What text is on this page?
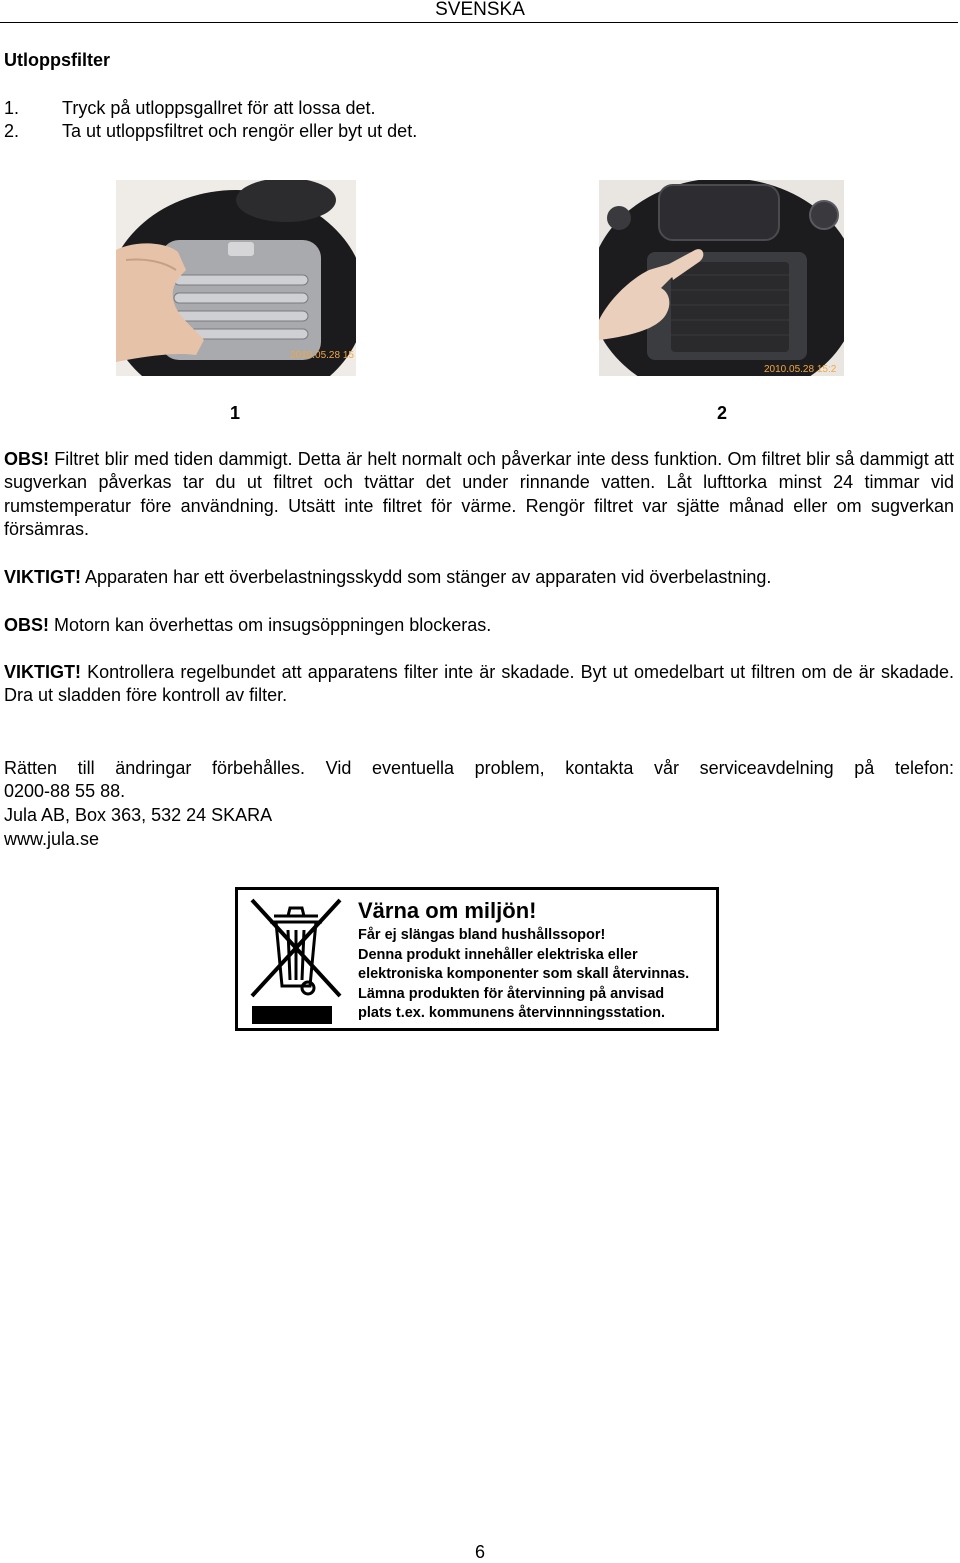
SVENSKA
Utloppsfilter
1. Tryck på utloppsgallret för att lossa det.
2. Ta ut utloppsfiltret och rengör eller byt ut det.
2010.05.28 15
2010.05.28 15:2
1	2
OBS! Filtret blir med tiden dammigt. Detta är helt normalt och påverkar inte dess funktion. Om filtret blir så dammigt att sugverkan påverkas tar du ut filtret och tvättar det under rinnande vatten. Låt lufttorka minst 24 timmar vid rumstemperatur före användning. Utsätt inte filtret för värme. Rengör filtret var sjätte månad eller om sugverkan försämras.
VIKTIGT! Apparaten har ett överbelastningsskydd som stänger av apparaten vid överbelastning.
OBS! Motorn kan överhettas om insugsöppningen blockeras.
VIKTIGT! Kontrollera regelbundet att apparatens filter inte är skadade. Byt ut omedelbart ut filtren om de är skadade. Dra ut sladden före kontroll av filter.
Rätten till ändringar förbehålles. Vid eventuella problem, kontakta vår serviceavdelning på telefon:
0200-88 55 88.
Jula AB, Box 363, 532 24 SKARA
www.jula.se
Värna om miljön!
Får ej slängas bland hushållssopor!
Denna produkt innehåller elektriska eller
elektroniska komponenter som skall återvinnas.
Lämna produkten för återvinning på anvisad
plats t.ex. kommunens återvinnningsstation.
6
